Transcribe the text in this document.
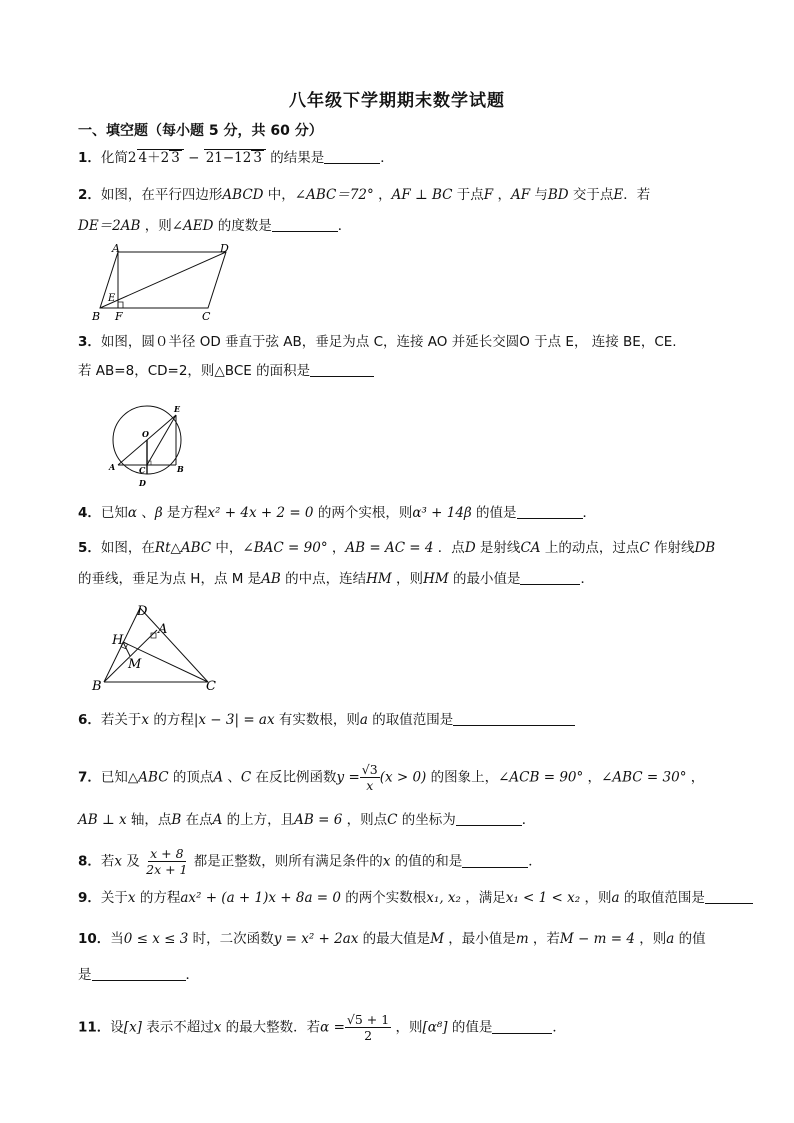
八年级下学期期末数学试题
一、填空题（每小题 5 分，共 60 分）
1．化简2 4＋2 3 − 21−12 3 的结果是	．
2．如图，在平行四边形ABCD 中，∠ABC＝72° ，AF ⊥ BC 于点F ，AF 与BD 交于点E．若
DE＝2AB ，则∠AED 的度数是	．
A	D
B F	C
E
3．如图，圆０半径 OD 垂直于弦 AB，垂足为点 C，连接 AO 并延长交圆O 于点 E， 连接 BE，CE.
若 AB=8，CD=2，则△BCE 的面积是
E
O
A	C	B
D
4．已知α 、β 是方程x² + 4x + 2 = 0 的两个实根，则α³ + 14β 的值是	．
5．如图，在Rt△ABC 中，∠BAC = 90° ，AB = AC = 4 ．点D 是射线CA 上的动点，过点C 作射线DB
的垂线，垂足为点 H，点 M 是AB 的中点，连结HM ，则HM 的最小值是	．
D
H
A
M
B	C
6．若关于x 的方程|x − 3| = ax 有实数根，则a 的取值范围是
7．已知△ABC 的顶点A 、C 在反比例函数$y = \frac{√3}{x} (x > 0)$ 的图象上，∠ACB = 90° ，∠ABC = 30° ，
AB ⊥ x 轴，点B 在点A 的上方，且AB = 6 ，则点C 的坐标为	．
8．若x 及 $\frac{x + 8}{2x + 1}$ 都是正整数，则所有满足条件的x 的值的和是	．
9．关于x 的方程ax² + (a + 1)x + 8a = 0 的两个实数根x₁, x₂ ，满足x₁ < 1 < x₂ ，则a 的取值范围是
10．当0 ≤ x ≤ 3 时，二次函数y = x² + 2ax 的最大值是M ，最小值是m ，若M − m = 4 ，则a 的值
是	．
11．设[x] 表示不超过x 的最大整数．若$\alpha = \frac{√5 + 1}{2}$ ，则[α⁸] 的值是	．
